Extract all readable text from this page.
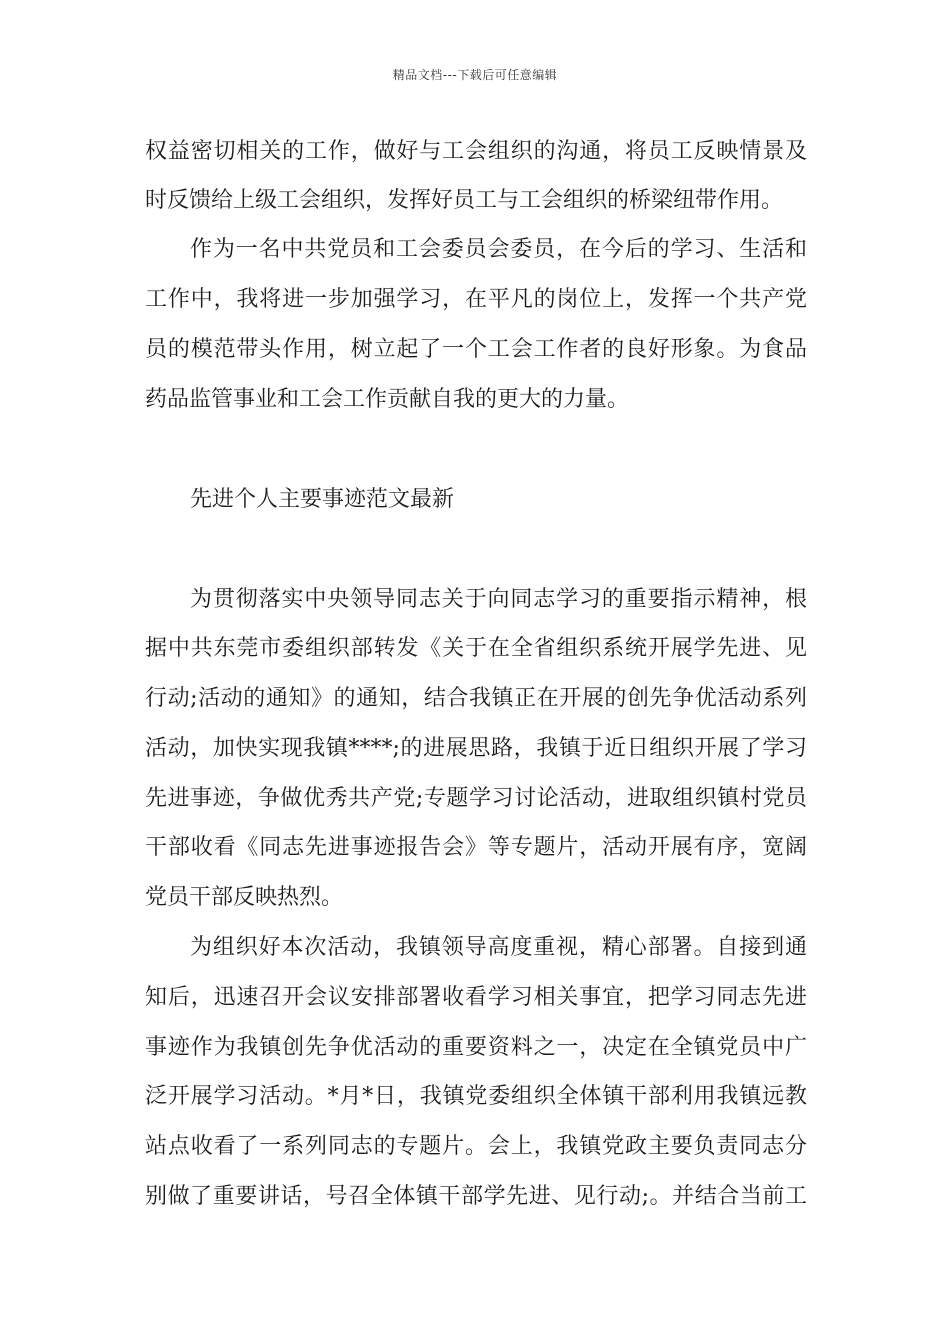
精品文档---下载后可任意编辑
权益密切相关的工作，做好与工会组织的沟通，将员工反映情景及
时反馈给上级工会组织，发挥好员工与工会组织的桥梁纽带作用。
作为一名中共党员和工会委员会委员，在今后的学习、生活和
工作中，我将进一步加强学习，在平凡的岗位上，发挥一个共产党
员的模范带头作用，树立起了一个工会工作者的良好形象。为食品
药品监管事业和工会工作贡献自我的更大的力量。
先进个人主要事迹范文最新
为贯彻落实中央领导同志关于向同志学习的重要指示精神，根
据中共东莞市委组织部转发《关于在全省组织系统开展学先进、见
行动;活动的通知》的通知，结合我镇正在开展的创先争优活动系列
活动，加快实现我镇****;的进展思路，我镇于近日组织开展了学习
先进事迹，争做优秀共产党;专题学习讨论活动，进取组织镇村党员
干部收看《同志先进事迹报告会》等专题片，活动开展有序，宽阔
党员干部反映热烈。
为组织好本次活动，我镇领导高度重视，精心部署。自接到通
知后，迅速召开会议安排部署收看学习相关事宜，把学习同志先进
事迹作为我镇创先争优活动的重要资料之一，决定在全镇党员中广
泛开展学习活动。*月*日，我镇党委组织全体镇干部利用我镇远教
站点收看了一系列同志的专题片。会上，我镇党政主要负责同志分
别做了重要讲话，号召全体镇干部学先进、见行动;。并结合当前工
